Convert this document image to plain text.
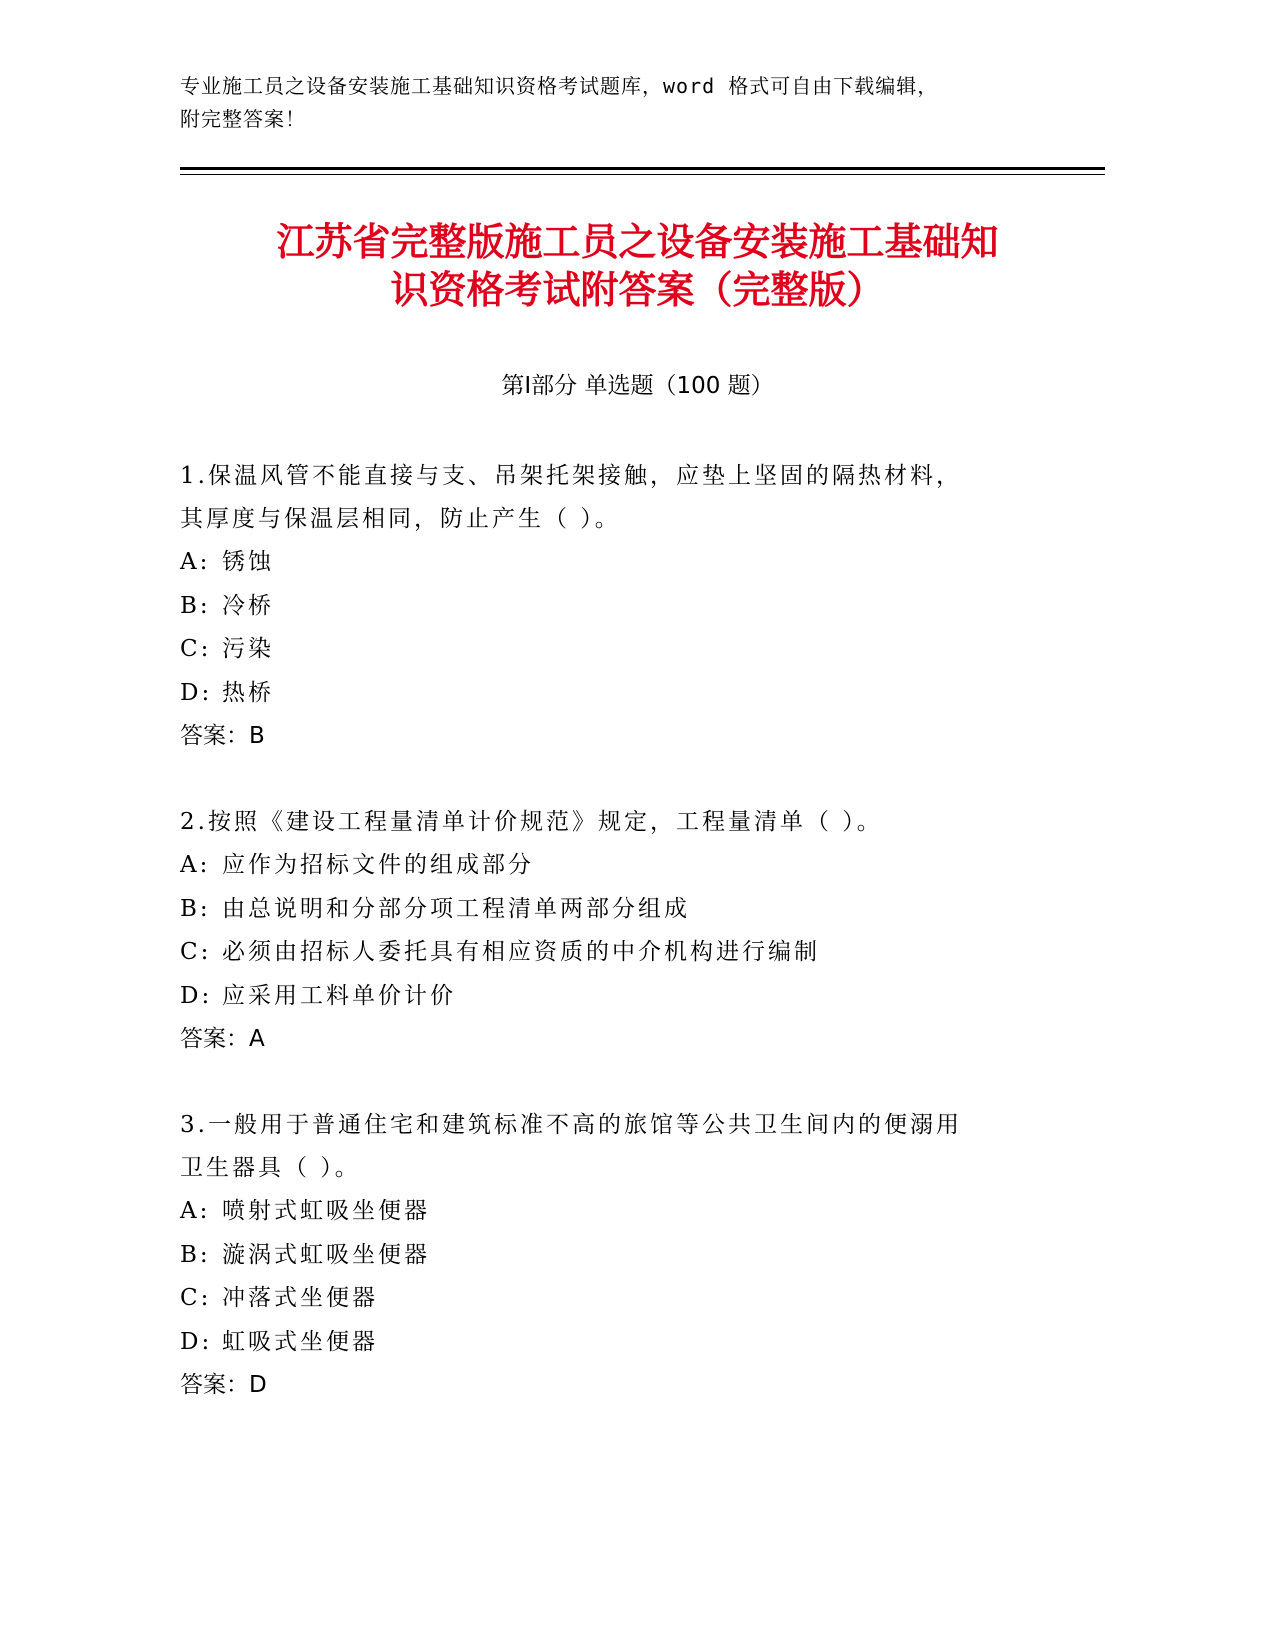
专业施工员之设备安装施工基础知识资格考试题库，word 格式可自由下载编辑，
附完整答案！
江苏省完整版施工员之设备安装施工基础知
识资格考试附答案（完整版）
第Ⅰ部分 单选题（100 题）

1.保温风管不能直接与支、吊架托架接触，应垫上坚固的隔热材料，

其厚度与保温层相同，防止产生（ ）。

A: 锈蚀
B: 冷桥
C: 污染
D: 热桥
答案：B

2.按照《建设工程量清单计价规范》规定，工程量清单（ ）。

A: 应作为招标文件的组成部分
B: 由总说明和分部分项工程清单两部分组成
C: 必须由招标人委托具有相应资质的中介机构进行编制
D: 应采用工料单价计价
答案：A

3.一般用于普通住宅和建筑标准不高的旅馆等公共卫生间内的便溺用

卫生器具（ ）。

A: 喷射式虹吸坐便器
B: 漩涡式虹吸坐便器
C: 冲落式坐便器
D: 虹吸式坐便器
答案：D
